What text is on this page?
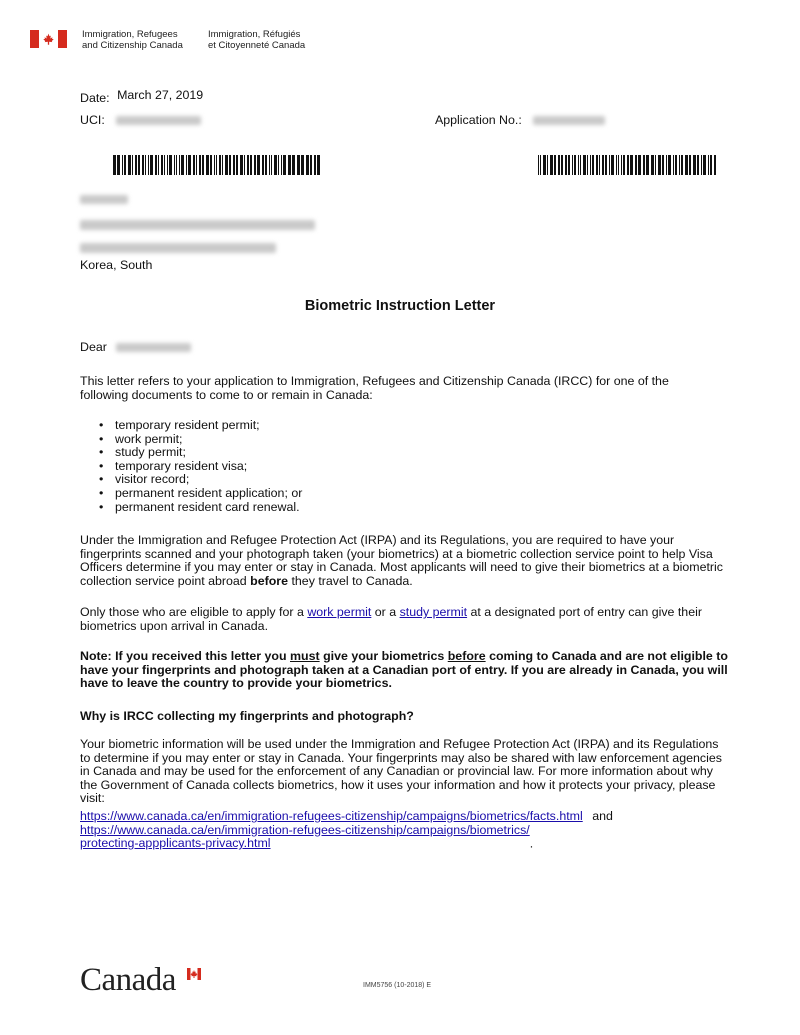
Immigration, Refugees
and Citizenship Canada
Immigration, Réfugiés
et Citoyenneté Canada
Date: March 27, 2019
UCI:	Application No.:
Korea, South
Biometric Instruction Letter
Dear
This letter refers to your application to Immigration, Refugees and Citizenship Canada (IRCC) for one of the following documents to come to or remain in Canada:
• temporary resident permit;
• work permit;
• study permit;
• temporary resident visa;
• visitor record;
• permanent resident application; or
• permanent resident card renewal.
Under the Immigration and Refugee Protection Act (IRPA) and its Regulations, you are required to have your fingerprints scanned and your photograph taken (your biometrics) at a biometric collection service point to help Visa Officers determine if you may enter or stay in Canada. Most applicants will need to give their biometrics at a biometric collection service point abroad before they travel to Canada.
Only those who are eligible to apply for a work permit or a study permit at a designated port of entry can give their biometrics upon arrival in Canada.
Note: If you received this letter you must give your biometrics before coming to Canada and are not eligible to have your fingerprints and photograph taken at a Canadian port of entry. If you are already in Canada, you will have to leave the country to provide your biometrics.
Why is IRCC collecting my fingerprints and photograph?
Your biometric information will be used under the Immigration and Refugee Protection Act (IRPA) and its Regulations to determine if you may enter or stay in Canada. Your fingerprints may also be shared with law enforcement agencies in Canada and may be used for the enforcement of any Canadian or provincial law. For more information about why the Government of Canada collects biometrics, how it uses your information and how it protects your privacy, please visit:
https://www.canada.ca/en/immigration-refugees-citizenship/campaigns/biometrics/facts.html and
https://www.canada.ca/en/immigration-refugees-citizenship/campaigns/biometrics/
protecting-appplicants-privacy.html	.
Canada	IMM5756 (10-2018) E
